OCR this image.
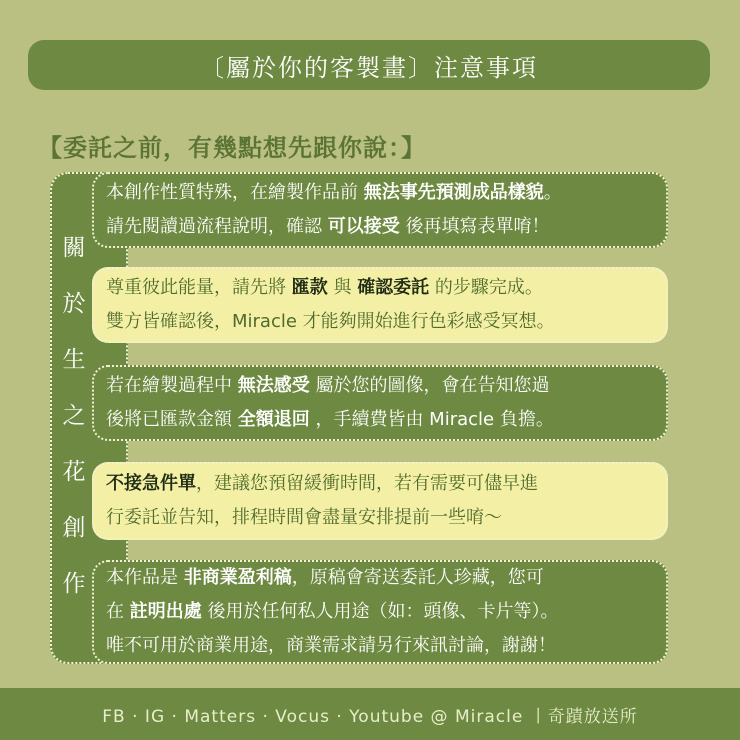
〔屬於你的客製畫〕注意事項
【委託之前，有幾點想先跟你說：】
關
於
生
之
花
創
作
本創作性質特殊，在繪製作品前 無法事先預測成品樣貌。
請先閱讀過流程說明，確認 可以接受 後再填寫表單唷！
尊重彼此能量，請先將 匯款 與 確認委託 的步驟完成。
雙方皆確認後，Miracle 才能夠開始進行色彩感受冥想。
若在繪製過程中 無法感受 屬於您的圖像，會在告知您過
後將已匯款金額 全額退回 ，手續費皆由 Miracle 負擔。
不接急件單，建議您預留緩衝時間，若有需要可儘早進
行委託並告知，排程時間會盡量安排提前一些唷～
本作品是 非商業盈利稿，原稿會寄送委託人珍藏，您可
在 註明出處 後用於任何私人用途（如：頭像、卡片等）。
唯不可用於商業用途，商業需求請另行來訊討論，謝謝！
FB · IG · Matters · Vocus · Youtube @ Miracle 丨奇蹟放送所
